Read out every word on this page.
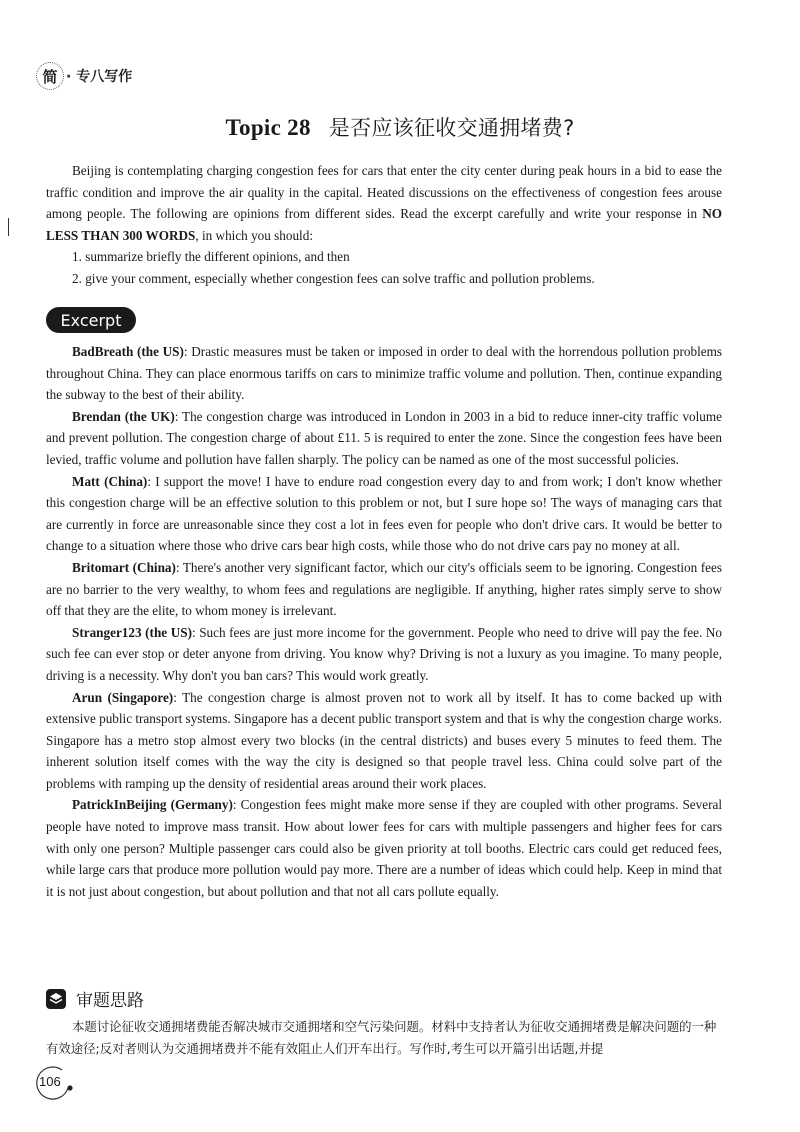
简 · 专八写作
Topic 28 是否应该征收交通拥堵费?

Beijing is contemplating charging congestion fees for cars that enter the city center during peak hours in a bid to ease the traffic condition and improve the air quality in the capital. Heated discussions on the effectiveness of congestion fees arouse among people. The following are opinions from different sides. Read the excerpt carefully and write your response in NO LESS THAN 300 WORDS, in which you should:

1. summarize briefly the different opinions, and then

2. give your comment, especially whether congestion fees can solve traffic and pollution problems.

Excerpt

BadBreath (the US): Drastic measures must be taken or imposed in order to deal with the horrendous pollution problems throughout China. They can place enormous tariffs on cars to minimize traffic volume and pollution. Then, continue expanding the subway to the best of their ability.

Brendan (the UK): The congestion charge was introduced in London in 2003 in a bid to reduce inner-city traffic volume and prevent pollution. The congestion charge of about £11. 5 is required to enter the zone. Since the congestion fees have been levied, traffic volume and pollution have fallen sharply. The policy can be named as one of the most successful policies.

Matt (China): I support the move! I have to endure road congestion every day to and from work; I don't know whether this congestion charge will be an effective solution to this problem or not, but I sure hope so! The ways of managing cars that are currently in force are unreasonable since they cost a lot in fees even for people who don't drive cars. It would be better to change to a situation where those who drive cars bear high costs, while those who do not drive cars pay no money at all.

Britomart (China): There's another very significant factor, which our city's officials seem to be ignoring. Congestion fees are no barrier to the very wealthy, to whom fees and regulations are negligible. If anything, higher rates simply serve to show off that they are the elite, to whom money is irrelevant.

Stranger123 (the US): Such fees are just more income for the government. People who need to drive will pay the fee. No such fee can ever stop or deter anyone from driving. You know why? Driving is not a luxury as you imagine. To many people, driving is a necessity. Why don't you ban cars? This would work greatly.

Arun (Singapore): The congestion charge is almost proven not to work all by itself. It has to come backed up with extensive public transport systems. Singapore has a decent public transport system and that is why the congestion charge works. Singapore has a metro stop almost every two blocks (in the central districts) and buses every 5 minutes to feed them. The inherent solution itself comes with the way the city is designed so that people travel less. China could solve part of the problems with ramping up the density of residential areas around their work places.

PatrickInBeijing (Germany): Congestion fees might make more sense if they are coupled with other programs. Several people have noted to improve mass transit. How about lower fees for cars with multiple passengers and higher fees for cars with only one person? Multiple passenger cars could also be given priority at toll booths. Electric cars could get reduced fees, while large cars that produce more pollution would pay more. There are a number of ideas which could help. Keep in mind that it is not just about congestion, but about pollution and that not all cars pollute equally.

审题思路

本题讨论征收交通拥堵费能否解决城市交通拥堵和空气污染问题。材料中支持者认为征收交通拥堵费是解决问题的一种有效途径;反对者则认为交通拥堵费并不能有效阻止人们开车出行。写作时,考生可以开篇引出话题,并提

106
